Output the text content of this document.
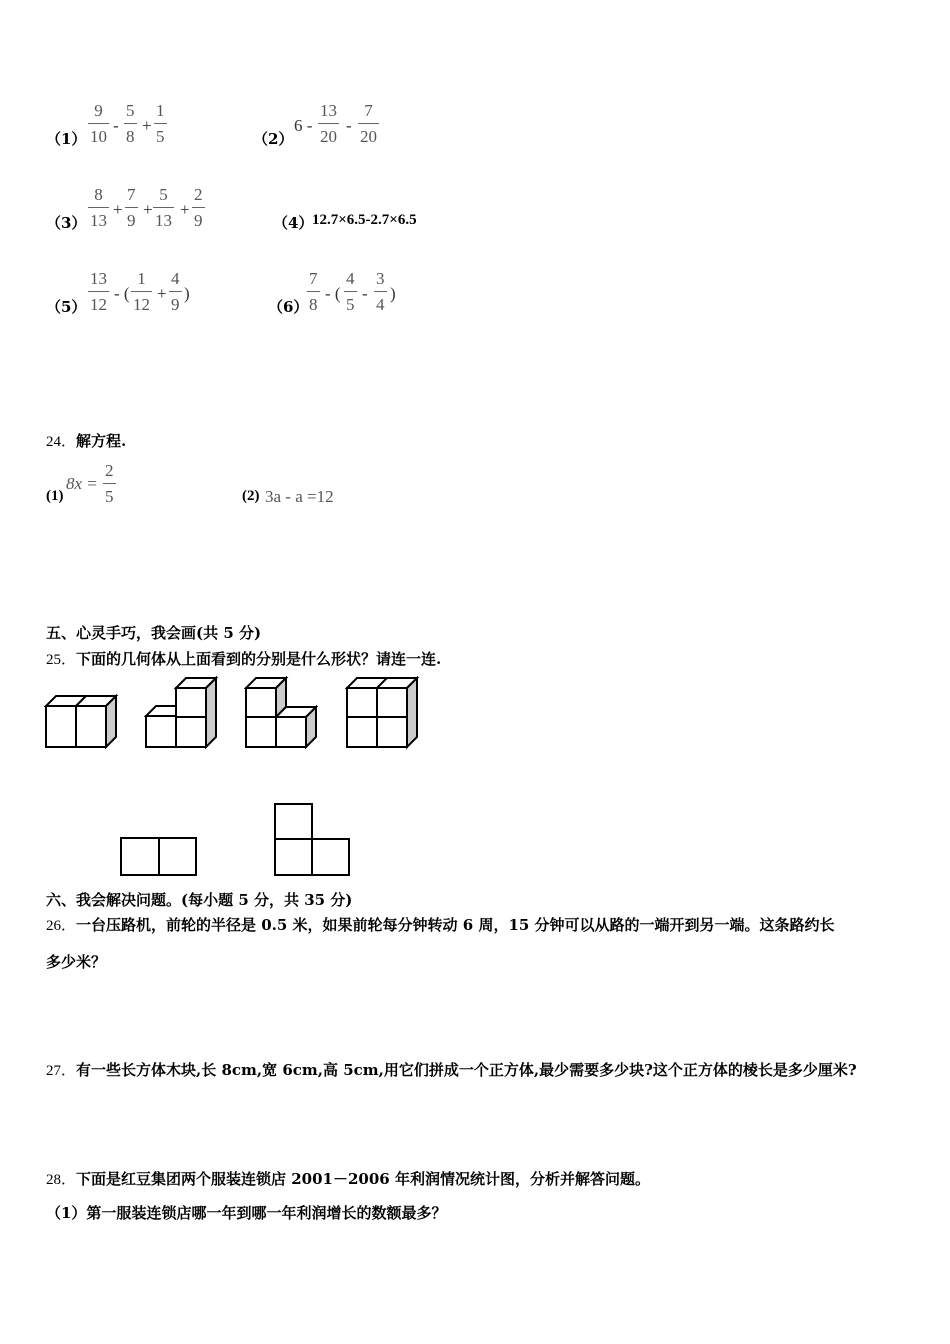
$(1) \frac{9}{10} - \frac{5}{8} + \frac{1}{5}$	（2）
$6 - \frac{13}{20} - \frac{7}{20}$
$(3) \frac{8}{13} + \frac{7}{9} + \frac{5}{13} + \frac{2}{9}$	（4）
12.7×6.5-2.7×6.5
$(5) \frac{13}{12}$ - ( $\frac{1}{12} + \frac{4}{9}$ )
（6）
$\frac{7}{8}$ - ( $\frac{4}{5} - \frac{3}{4}$ )
24．解方程.
(1)
$8x = \frac{2}{5}$	(2) 3a - a =12
五、心灵手巧，我会画(共 5 分)
25．下面的几何体从上面看到的分别是什么形状？请连一连.
六、我会解决问题。(每小题 5 分，共 35 分)
26．一台压路机，前轮的半径是 0.5 米，如果前轮每分钟转动 6 周，15 分钟可以从路的一端开到另一端。这条路约长
多少米？
27．有一些长方体木块,长 8cm,宽 6cm,高 5cm,用它们拼成一个正方体,最少需要多少块?这个正方体的棱长是多少厘米?
28．下面是红豆集团两个服装连锁店 2001－2006 年利润情况统计图，分析并解答问题。
（1）第一服装连锁店哪一年到哪一年利润增长的数额最多？
